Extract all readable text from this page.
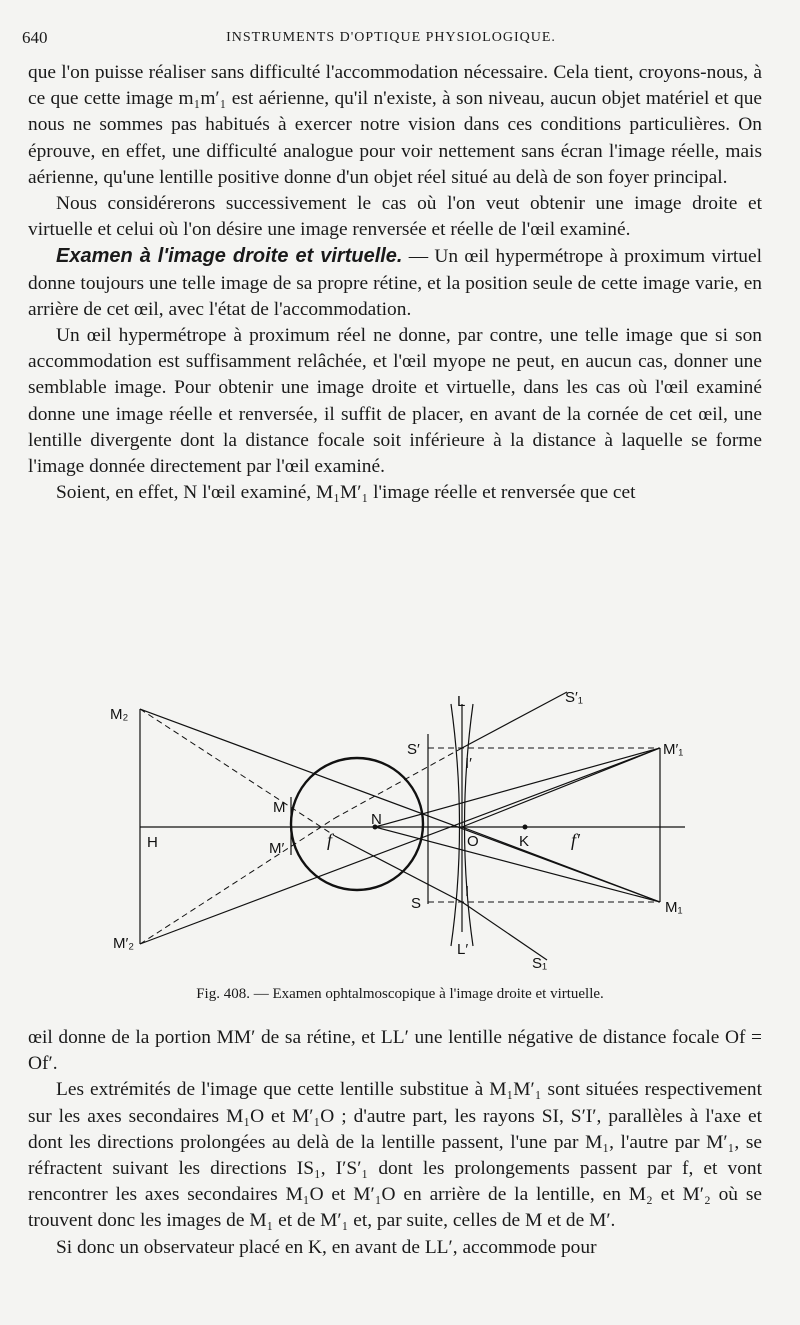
640	INSTRUMENTS D'OPTIQUE PHYSIOLOGIQUE.

que l'on puisse réaliser sans difficulté l'accommodation nécessaire. Cela tient, croyons-nous, à ce que cette image m₁m′₁ est aérienne, qu'il n'existe, à son niveau, aucun objet matériel et que nous ne sommes pas habitués à exercer notre vision dans ces conditions particulières. On éprouve, en effet, une difficulté analogue pour voir nettement sans écran l'image réelle, mais aérienne, qu'une lentille positive donne d'un objet réel situé au delà de son foyer principal.

Nous considérerons successivement le cas où l'on veut obtenir une image droite et virtuelle et celui où l'on désire une image renversée et réelle de l'œil examiné.

Examen à l'image droite et virtuelle. — Un œil hypermétrope à proximum virtuel donne toujours une telle image de sa propre rétine, et la position seule de cette image varie, en arrière de cet œil, avec l'état de l'accommodation.

Un œil hypermétrope à proximum réel ne donne, par contre, une telle image que si son accommodation est suffisamment relâchée, et l'œil myope ne peut, en aucun cas, donner une semblable image. Pour obtenir une image droite et virtuelle, dans les cas où l'œil examiné donne une image réelle et renversée, il suffit de placer, en avant de la cornée de cet œil, une lentille divergente dont la distance focale soit inférieure à la distance à laquelle se forme l'image donnée directement par l'œil examiné.

Soient, en effet, N l'œil examiné, M₁M′₁ l'image réelle et renversée que cet

M₂
M′₂
M
M′
H
N
f	O	K f′
L
L′
S′
S
I′
I
S′₁
S₁
M′₁
M₁
Fig. 408. — Examen ophtalmoscopique à l'image droite et virtuelle.

œil donne de la portion MM′ de sa rétine, et LL′ une lentille négative de distance focale Of = Of′.

Les extrémités de l'image que cette lentille substitue à M₁M′₁ sont situées respectivement sur les axes secondaires M₁O et M′₁O ; d'autre part, les rayons SI, S′I′, parallèles à l'axe et dont les directions prolongées au delà de la lentille passent, l'une par M₁, l'autre par M′₁, se réfractent suivant les directions IS₁, I′S′₁ dont les prolongements passent par f, et vont rencontrer les axes secondaires M₁O et M′₁O en arrière de la lentille, en M₂ et M′₂ où se trouvent donc les images de M₁ et de M′₁ et, par suite, celles de M et de M′.

Si donc un observateur placé en K, en avant de LL′, accommode pour
